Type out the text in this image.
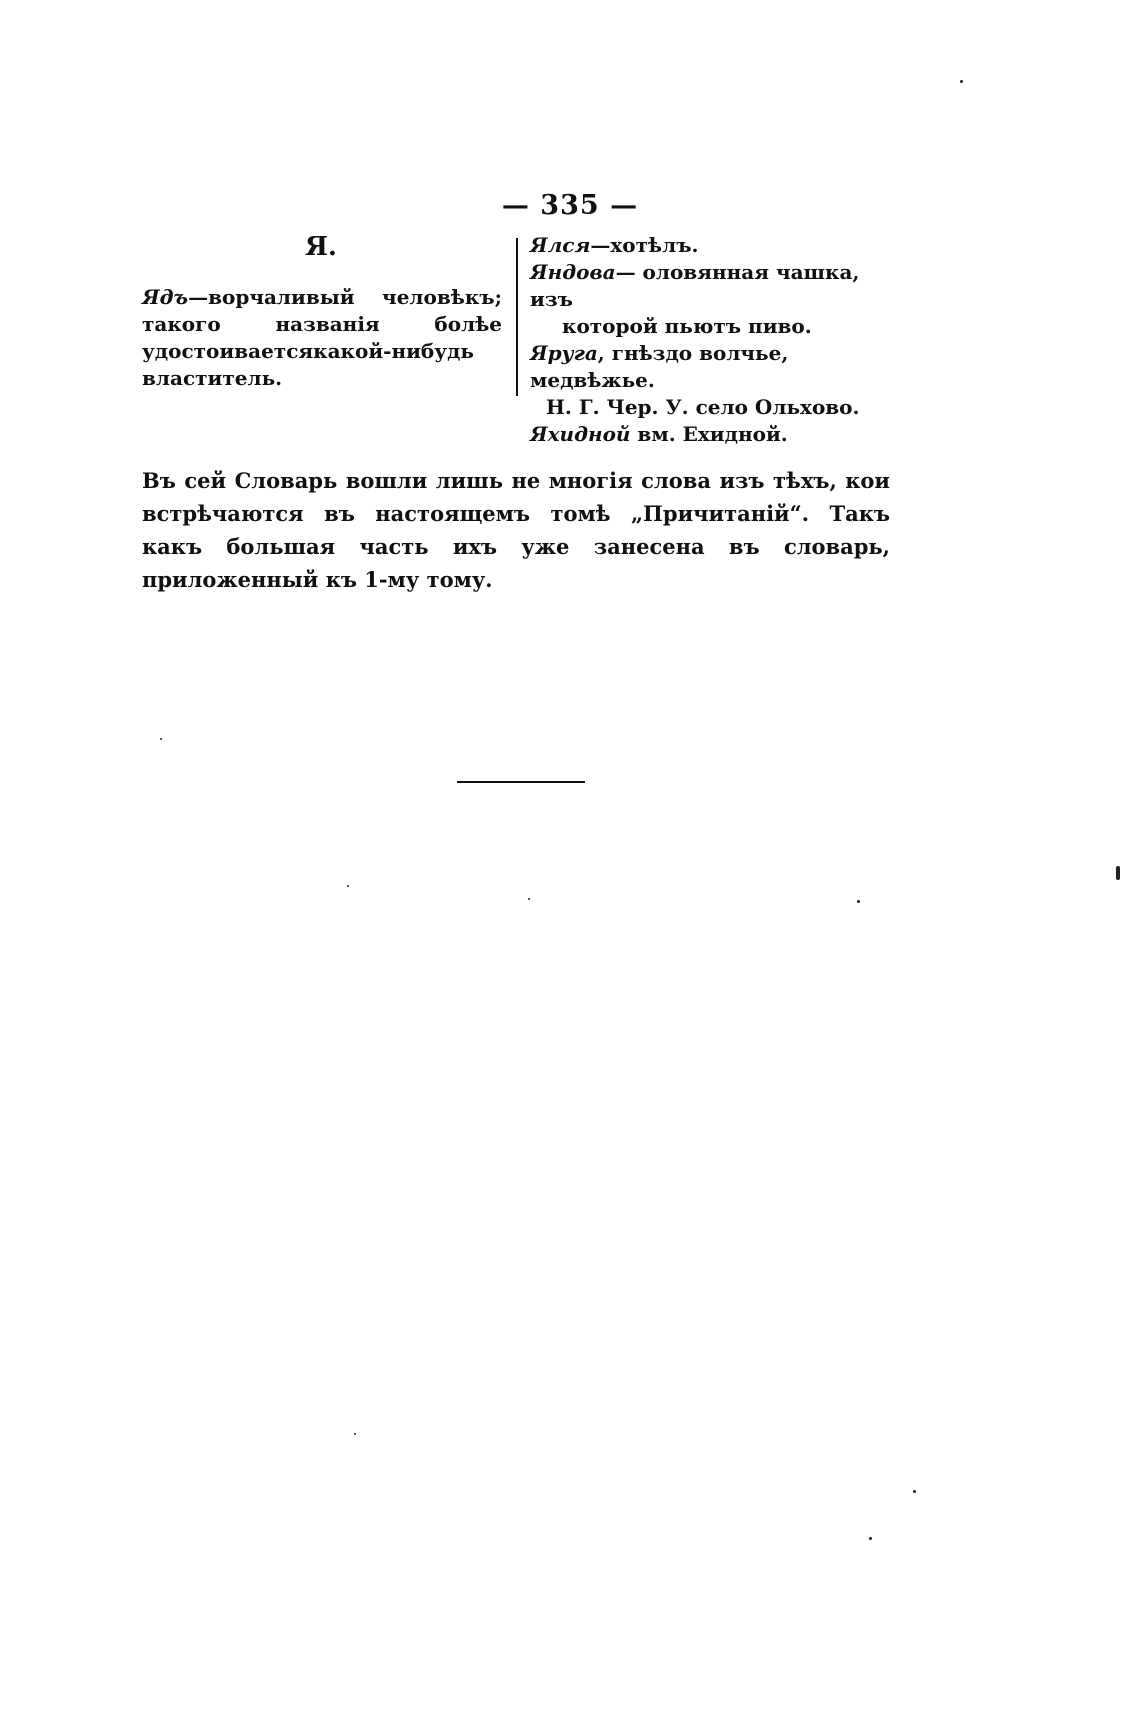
— 335 —
Я.

Ядъ—ворчаливый человѣкъ; такого названія болѣе удостоиваетсякакой-нибудь властитель.

Ялся—хотѣлъ.

Яндова— оловянная чашка, изъ
которой пьютъ пиво.

Яруга, гнѣздо волчье, медвѣжье.
Н. Г. Чер. У. село Ольхово.

Яхидной вм. Ехидной.

Въ сей Словарь вошли лишь не многія слова изъ тѣхъ, кои встрѣчаются въ настоящемъ томѣ „Причитаній“. Такъ какъ большая часть ихъ уже занесена въ словарь, приложенный къ 1-му тому.
